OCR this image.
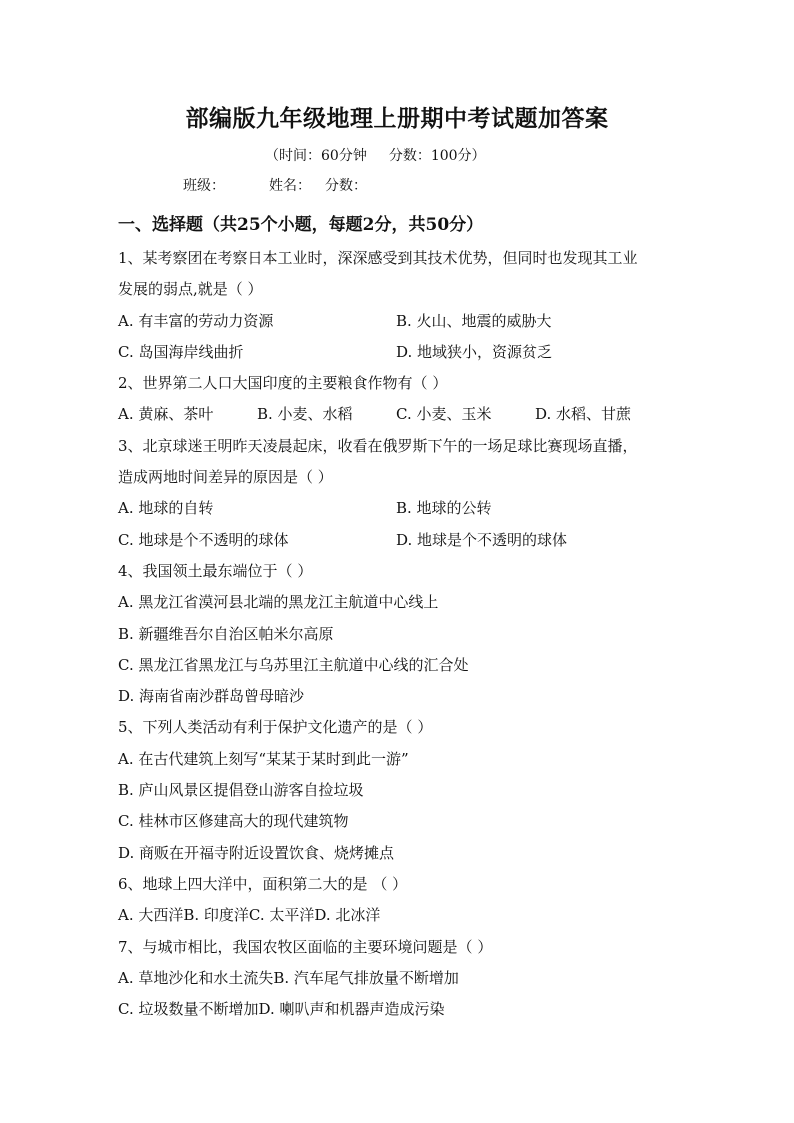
部编版九年级地理上册期中考试题加答案
（时间：60分钟 分数：100分）
班级：	姓名： 分数：
一、选择题（共25个小题，每题2分，共50分）
1、某考察团在考察日本工业时，深深感受到其技术优势，但同时也发现其工业
发展的弱点,就是（ ）
A. 有丰富的劳动力资源	B. 火山、地震的威胁大
C. 岛国海岸线曲折	D. 地域狭小，资源贫乏
2、世界第二人口大国印度的主要粮食作物有（ ）
A. 黄麻、茶叶	B. 小麦、水稻	C. 小麦、玉米	D. 水稻、甘蔗
3、北京球迷王明昨天凌晨起床，收看在俄罗斯下午的一场足球比赛现场直播，
造成两地时间差异的原因是（ ）
A. 地球的自转	B. 地球的公转
C. 地球是个不透明的球体	D. 地球是个不透明的球体
4、我国领土最东端位于（ ）
A. 黑龙江省漠河县北端的黑龙江主航道中心线上
B. 新疆维吾尔自治区帕米尔高原
C. 黑龙江省黑龙江与乌苏里江主航道中心线的汇合处
D. 海南省南沙群岛曾母暗沙
5、下列人类活动有利于保护文化遗产的是（ ）
A. 在古代建筑上刻写“某某于某时到此一游”
B. 庐山风景区提倡登山游客自捡垃圾
C. 桂林市区修建高大的现代建筑物
D. 商贩在开福寺附近设置饮食、烧烤摊点
6、地球上四大洋中，面积第二大的是 （ ）
A. 大西洋B. 印度洋C. 太平洋D. 北冰洋
7、与城市相比，我国农牧区面临的主要环境问题是（ ）
A. 草地沙化和水土流失B. 汽车尾气排放量不断增加
C. 垃圾数量不断增加D. 喇叭声和机器声造成污染
